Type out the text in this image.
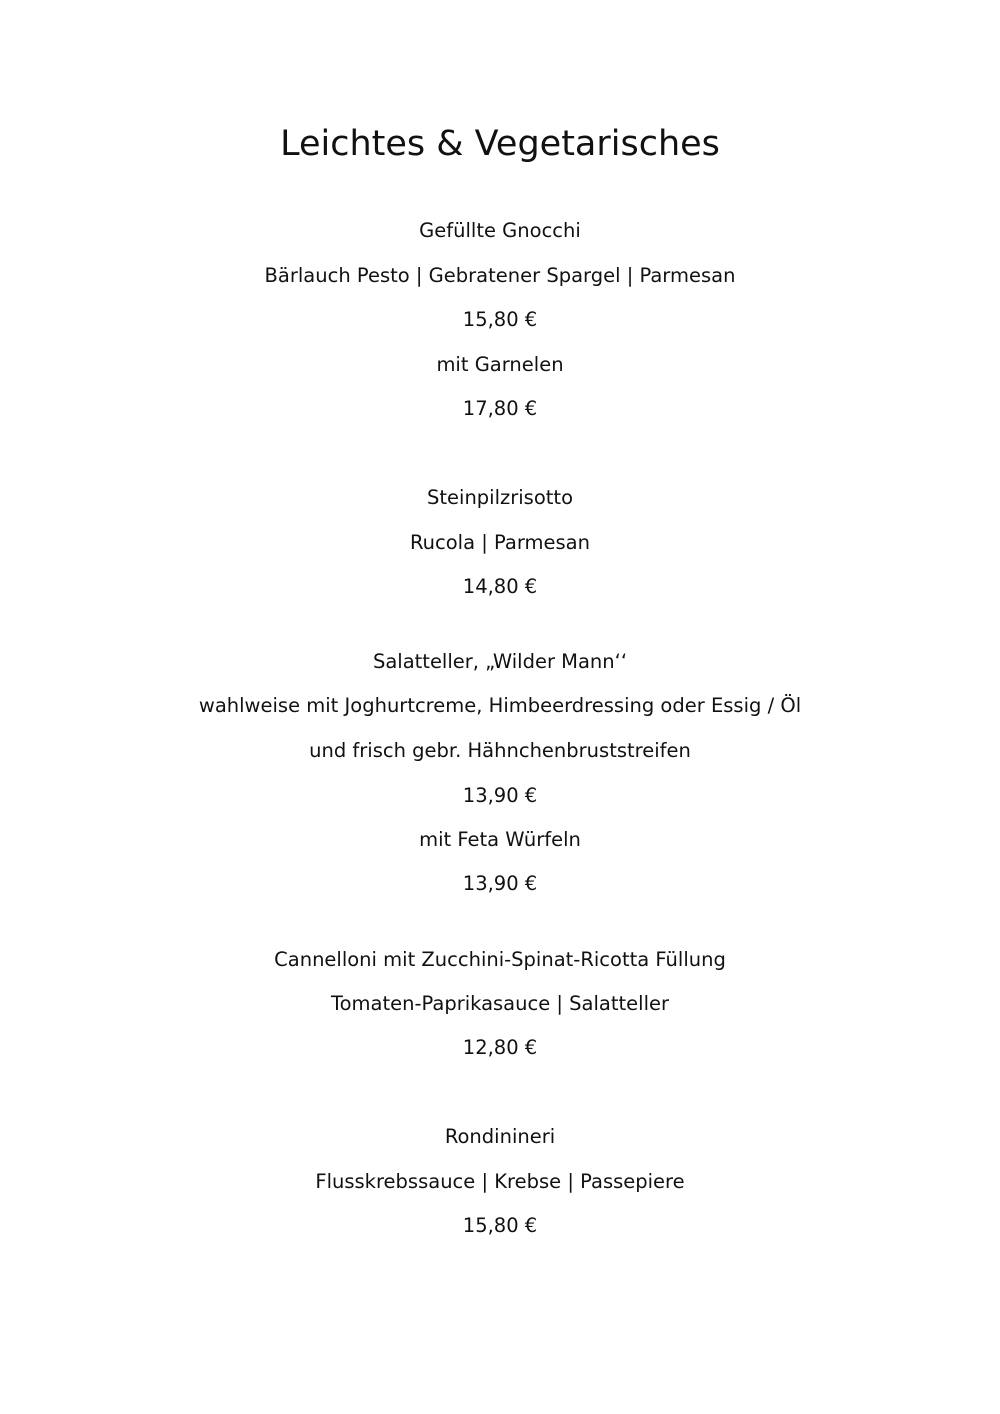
Leichtes & Vegetarisches
Gefüllte Gnocchi
Bärlauch Pesto | Gebratener Spargel | Parmesan
15,80 €
mit Garnelen
17,80 €
Steinpilzrisotto
Rucola | Parmesan
14,80 €
Salatteller, „Wilder Mann‘‘
wahlweise mit Joghurtcreme, Himbeerdressing oder Essig / Öl
und frisch gebr. Hähnchenbruststreifen
13,90 €
mit Feta Würfeln
13,90 €
Cannelloni mit Zucchini-Spinat-Ricotta Füllung
Tomaten-Paprikasauce | Salatteller
12,80 €
Rondinineri
Flusskrebssauce | Krebse | Passepiere
15,80 €
